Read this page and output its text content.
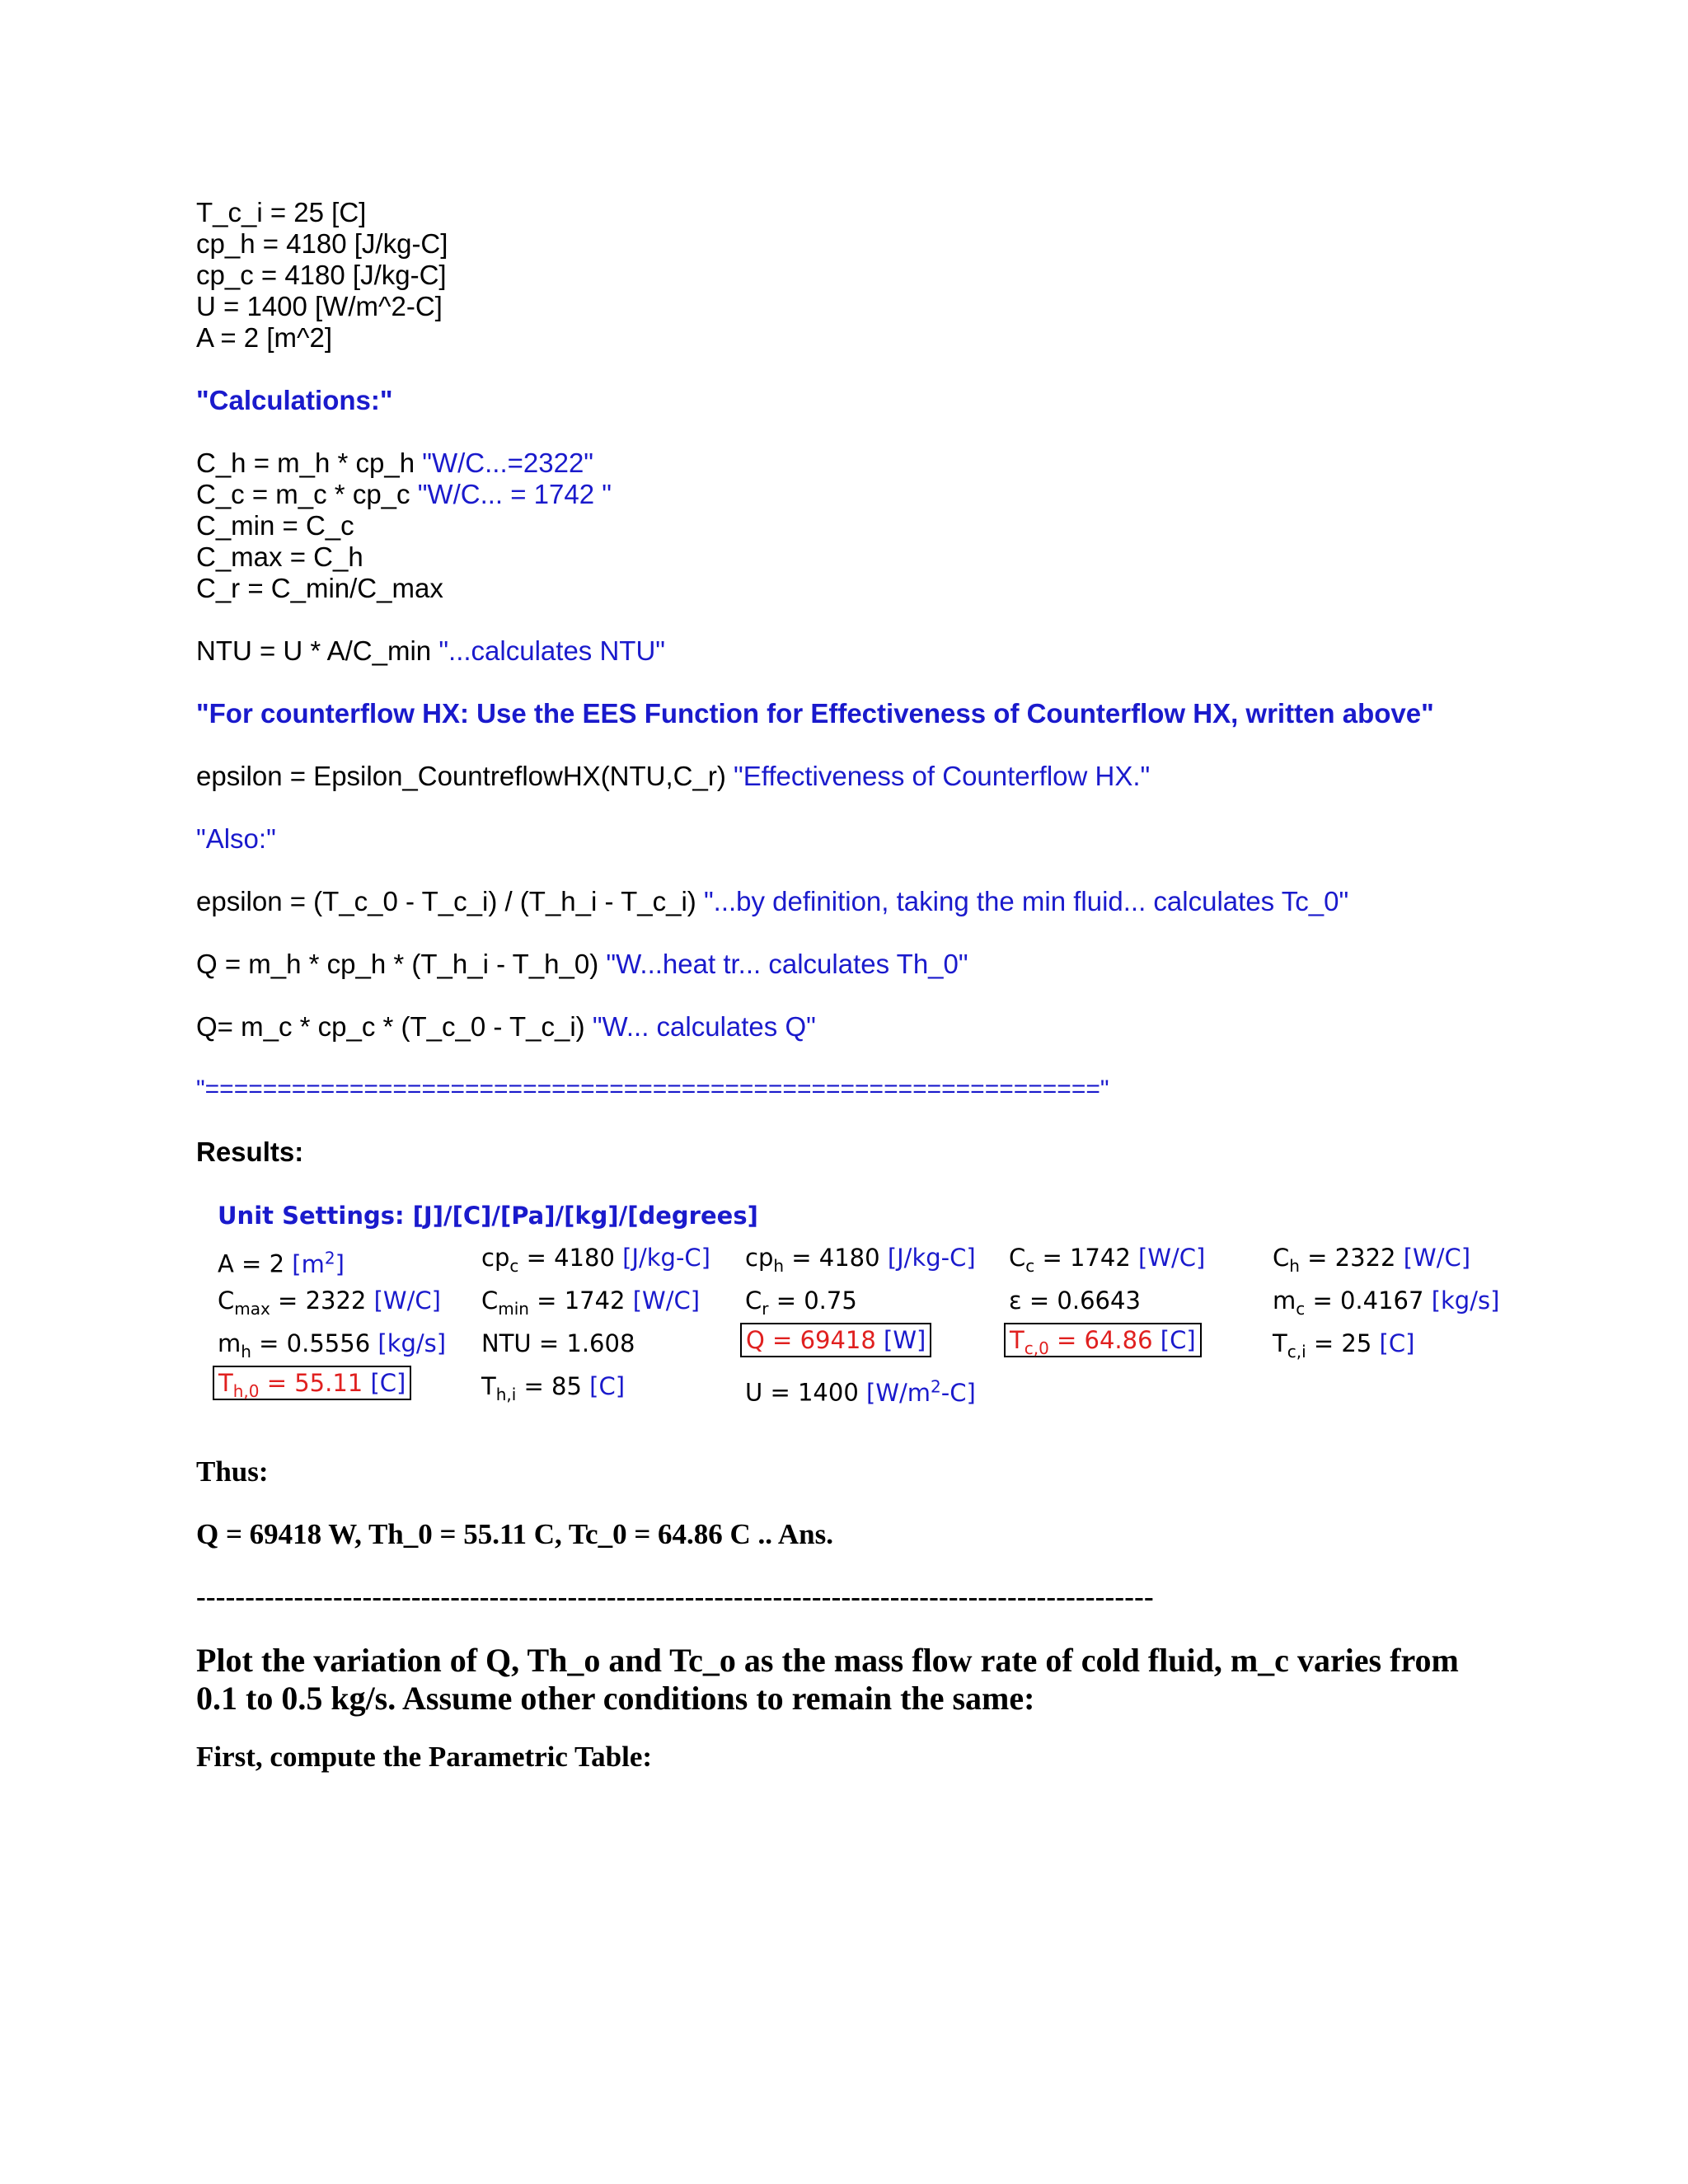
T_c_i = 25 [C]
cp_h = 4180 [J/kg-C]
cp_c = 4180 [J/kg-C]
U = 1400 [W/m^2-C]
A = 2 [m^2]
"Calculations:"
C_h = m_h * cp_h "W/C...=2322"
C_c = m_c * cp_c "W/C... = 1742 "
C_min = C_c
C_max = C_h
C_r = C_min/C_max
NTU = U * A/C_min "...calculates NTU"
"For counterflow HX: Use the EES Function for Effectiveness of Counterflow HX, written above"
epsilon = Epsilon_CountreflowHX(NTU,C_r) "Effectiveness of Counterflow HX."
"Also:"
epsilon = (T_c_0 - T_c_i) / (T_h_i - T_c_i) "...by definition, taking the min fluid... calculates Tc_0"
Q = m_h * cp_h * (T_h_i - T_h_0) "W...heat tr... calculates Th_0"
Q= m_c * cp_c * (T_c_0 - T_c_i) "W... calculates Q"
"=============================================================="
Results:
Unit Settings: [J]/[C]/[Pa]/[kg]/[degrees]
A = 2 $[m^2]$	$cp_c = 4180$ [J/kg-C] $cp_h = 4180$ [J/kg-C] $C_c = 1742$ [W/C]	$C_h = 2322$ [W/C]
$C_{max} = 2322$ [W/C] $C_{min} = 1742$ [W/C] $C_r = 0.75$	ε = 0.6643	$m_c = 0.4167$ [kg/s]
$m_h = 0.5556$ [kg/s] NTU = 1.608	Q = 69418 [W]	$T_{c,0} = 64.86$ [C]	$T_{c,i} = 25$ [C]
$T_{h,0} = 55.11$ [C]	$T_{h,i} = 85$ [C]	U = 1400 $[W/m^2-C]$
Thus:
Q = 69418 W, Th_0 = 55.11 C, Tc_0 = 64.86 C .. Ans.
--------------------------------------------------------------------------------------------------
Plot the variation of Q, Th_o and Tc_o as the mass flow rate of cold fluid, m_c varies from
0.1 to 0.5 kg/s. Assume other conditions to remain the same:
First, compute the Parametric Table:
